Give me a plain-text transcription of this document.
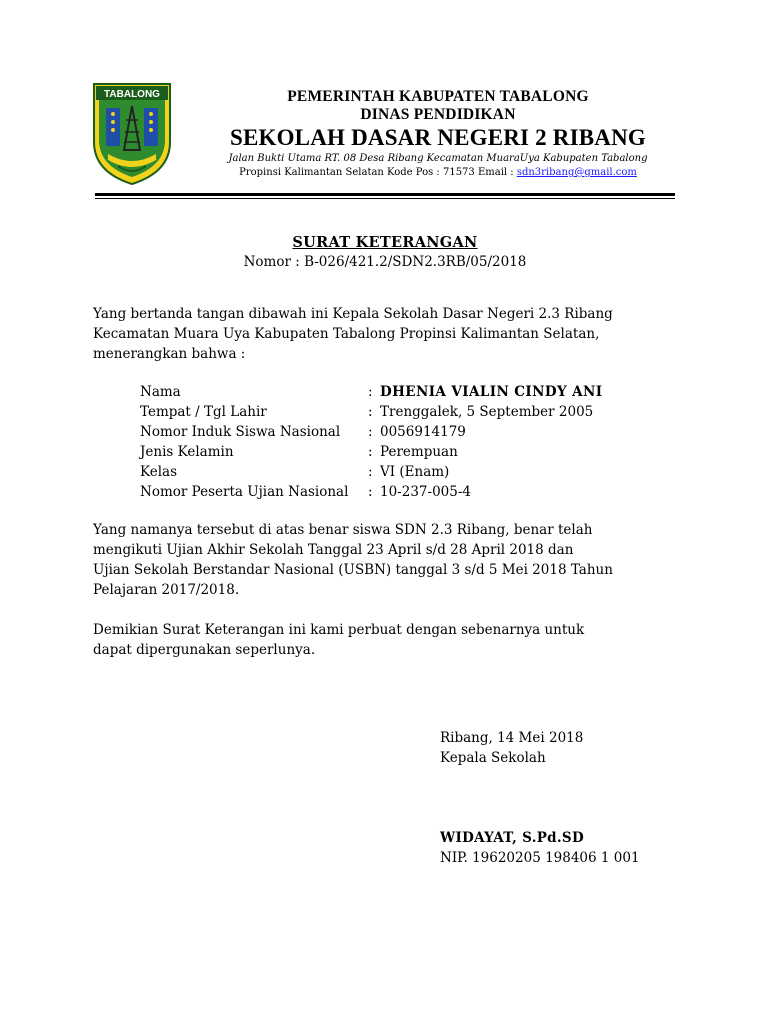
TABALONG	PEMERINTAH KABUPATEN TABALONG
DINAS PENDIDIKAN
SEKOLAH DASAR NEGERI 2 RIBANG
Jalan Bukti Utama RT. 08 Desa Ribang Kecamatan MuaraUya Kabupaten Tabalong
Propinsi Kalimantan Selatan Kode Pos : 71573 Email : sdn3ribang@gmail.com
SURAT KETERANGAN
Nomor : B-026/421.2/SDN2.3RB/05/2018
Yang bertanda tangan dibawah ini Kepala Sekolah Dasar Negeri 2.3 Ribang
Kecamatan Muara Uya Kabupaten Tabalong Propinsi Kalimantan Selatan,
menerangkan bahwa :
Nama	: DHENIA VIALIN CINDY ANI
Tempat / Tgl Lahir	: Trenggalek, 5 September 2005
Nomor Induk Siswa Nasional	: 0056914179
Jenis Kelamin	: Perempuan
Kelas	: VI (Enam)
Nomor Peserta Ujian Nasional	: 10-237-005-4
Yang namanya tersebut di atas benar siswa SDN 2.3 Ribang, benar telah
mengikuti Ujian Akhir Sekolah Tanggal 23 April s/d 28 April 2018 dan
Ujian Sekolah Berstandar Nasional (USBN) tanggal 3 s/d 5 Mei 2018 Tahun
Pelajaran 2017/2018.
Demikian Surat Keterangan ini kami perbuat dengan sebenarnya untuk
dapat dipergunakan seperlunya.
Ribang, 14 Mei 2018
Kepala Sekolah
WIDAYAT, S.Pd.SD
NIP. 19620205 198406 1 001
